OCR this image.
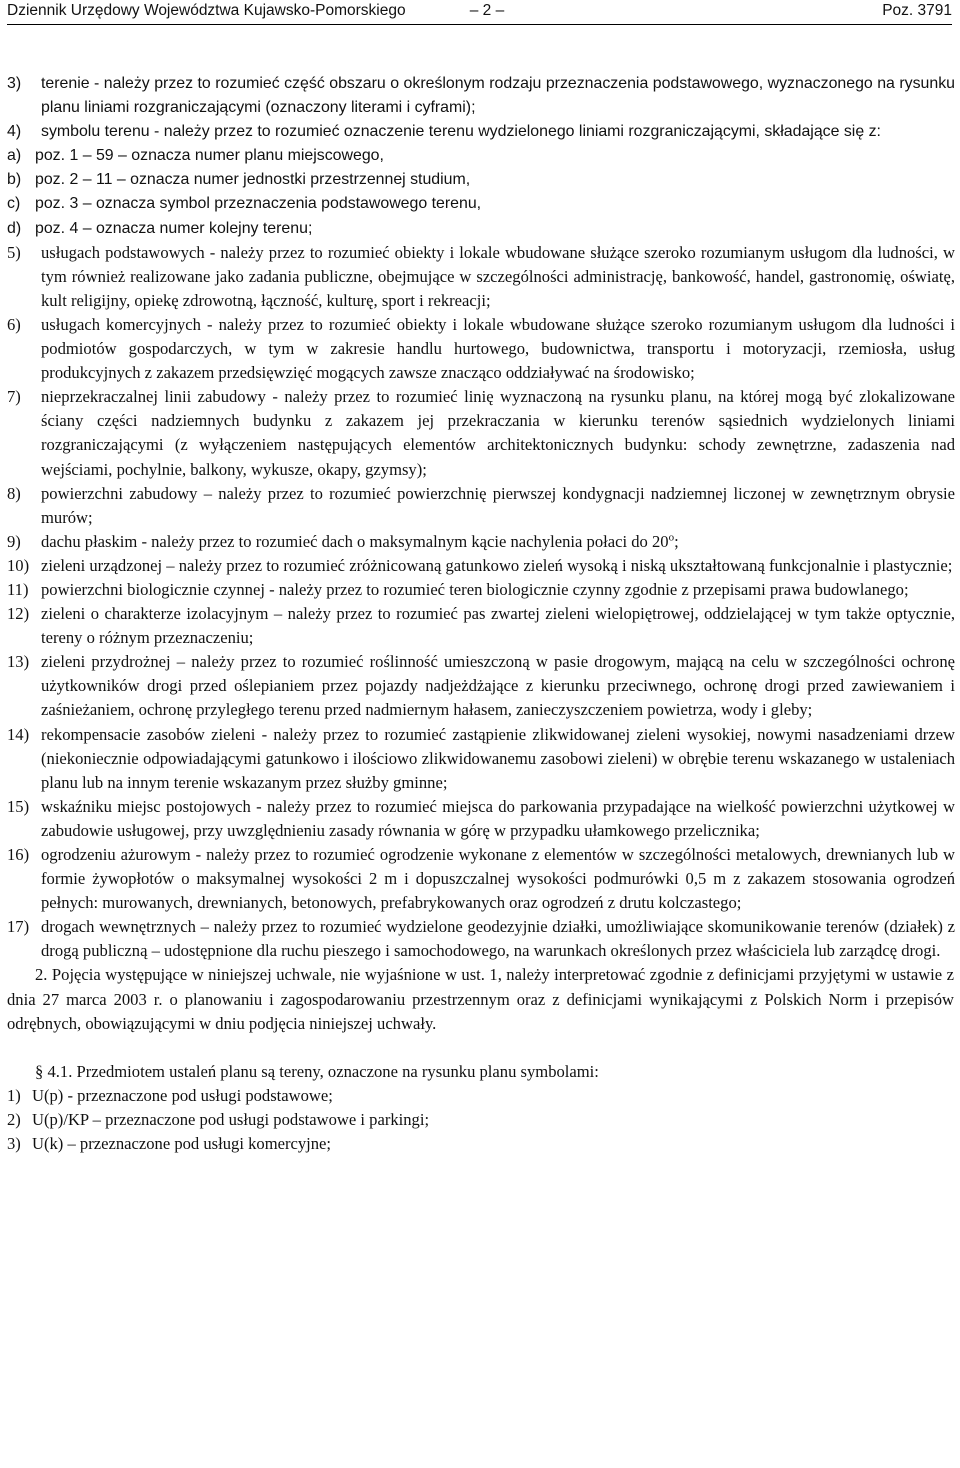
Dziennik Urzędowy Województwa Kujawsko-Pomorskiego	– 2 –	Poz. 3791
3)	terenie - należy przez to rozumieć część obszaru o określonym rodzaju przeznaczenia podstawowego, wyznaczonego na rysunku planu liniami rozgraniczającymi (oznaczony literami i cyframi);
4)	symbolu terenu - należy przez to rozumieć oznaczenie terenu wydzielonego liniami rozgraniczającymi, składające się z:
a) poz. 1 – 59 – oznacza numer planu miejscowego,
b) poz. 2 – 11 – oznacza numer jednostki przestrzennej studium,
c) poz. 3 – oznacza symbol przeznaczenia podstawowego terenu,
d) poz. 4 – oznacza numer kolejny terenu;
5)	usługach podstawowych - należy przez to rozumieć obiekty i lokale wbudowane służące szeroko rozumianym usługom dla ludności, w tym również realizowane jako zadania publiczne, obejmujące w szczególności administrację, bankowość, handel, gastronomię, oświatę, kult religijny, opiekę zdrowotną, łączność, kulturę, sport i rekreacji;
6)	usługach komercyjnych - należy przez to rozumieć obiekty i lokale wbudowane służące szeroko rozumianym usługom dla ludności i podmiotów gospodarczych, w tym w zakresie handlu hurtowego, budownictwa, transportu i motoryzacji, rzemiosła, usług produkcyjnych z zakazem przedsięwzięć mogących zawsze znacząco oddziaływać na środowisko;
7)	nieprzekraczalnej linii zabudowy - należy przez to rozumieć linię wyznaczoną na rysunku planu, na której mogą być zlokalizowane ściany części nadziemnych budynku z zakazem jej przekraczania w kierunku terenów sąsiednich wydzielonych liniami rozgraniczającymi (z wyłączeniem następujących elementów architektonicznych budynku: schody zewnętrzne, zadaszenia nad wejściami, pochylnie, balkony, wykusze, okapy, gzymsy);
8)	powierzchni zabudowy – należy przez to rozumieć powierzchnię pierwszej kondygnacji nadziemnej liczonej w zewnętrznym obrysie murów;
9)	dachu płaskim - należy przez to rozumieć dach o maksymalnym kącie nachylenia połaci do 20$^o$;
10) zieleni urządzonej – należy przez to rozumieć zróżnicowaną gatunkowo zieleń wysoką i niską ukształtowaną funkcjonalnie i plastycznie;
11) powierzchni biologicznie czynnej - należy przez to rozumieć teren biologicznie czynny zgodnie z przepisami prawa budowlanego;
12) zieleni o charakterze izolacyjnym – należy przez to rozumieć pas zwartej zieleni wielopiętrowej, oddzielającej w tym także optycznie, tereny o różnym przeznaczeniu;
13) zieleni przydrożnej – należy przez to rozumieć roślinność umieszczoną w pasie drogowym, mającą na celu w szczególności ochronę użytkowników drogi przed oślepianiem przez pojazdy nadjeżdżające z kierunku przeciwnego, ochronę drogi przed zawiewaniem i zaśnieżaniem, ochronę przyległego terenu przed nadmiernym hałasem, zanieczyszczeniem powietrza, wody i gleby;
14) rekompensacie zasobów zieleni - należy przez to rozumieć zastąpienie zlikwidowanej zieleni wysokiej, nowymi nasadzeniami drzew (niekoniecznie odpowiadającymi gatunkowo i ilościowo zlikwidowanemu zasobowi zieleni) w obrębie terenu wskazanego w ustaleniach planu lub na innym terenie wskazanym przez służby gminne;
15) wskaźniku miejsc postojowych - należy przez to rozumieć miejsca do parkowania przypadające na wielkość powierzchni użytkowej w zabudowie usługowej, przy uwzględnieniu zasady równania w górę w przypadku ułamkowego przelicznika;
16) ogrodzeniu ażurowym - należy przez to rozumieć ogrodzenie wykonane z elementów w szczególności metalowych, drewnianych lub w formie żywopłotów o maksymalnej wysokości 2 m i dopuszczalnej wysokości podmurówki 0,5 m z zakazem stosowania ogrodzeń pełnych: murowanych, drewnianych, betonowych, prefabrykowanych oraz ogrodzeń z drutu kolczastego;
17) drogach wewnętrznych – należy przez to rozumieć wydzielone geodezyjnie działki, umożliwiające skomunikowanie terenów (działek) z drogą publiczną – udostępnione dla ruchu pieszego i samochodowego, na warunkach określonych przez właściciela lub zarządcę drogi.
2. Pojęcia występujące w niniejszej uchwale, nie wyjaśnione w ust. 1, należy interpretować zgodnie z definicjami przyjętymi w ustawie z dnia 27 marca 2003 r. o planowaniu i zagospodarowaniu przestrzennym oraz z definicjami wynikającymi z Polskich Norm i przepisów odrębnych, obowiązującymi w dniu podjęcia niniejszej uchwały.
§ 4.1. Przedmiotem ustaleń planu są tereny, oznaczone na rysunku planu symbolami:
1) U(p) - przeznaczone pod usługi podstawowe;
2) U(p)/KP – przeznaczone pod usługi podstawowe i parkingi;
3) U(k) – przeznaczone pod usługi komercyjne;
